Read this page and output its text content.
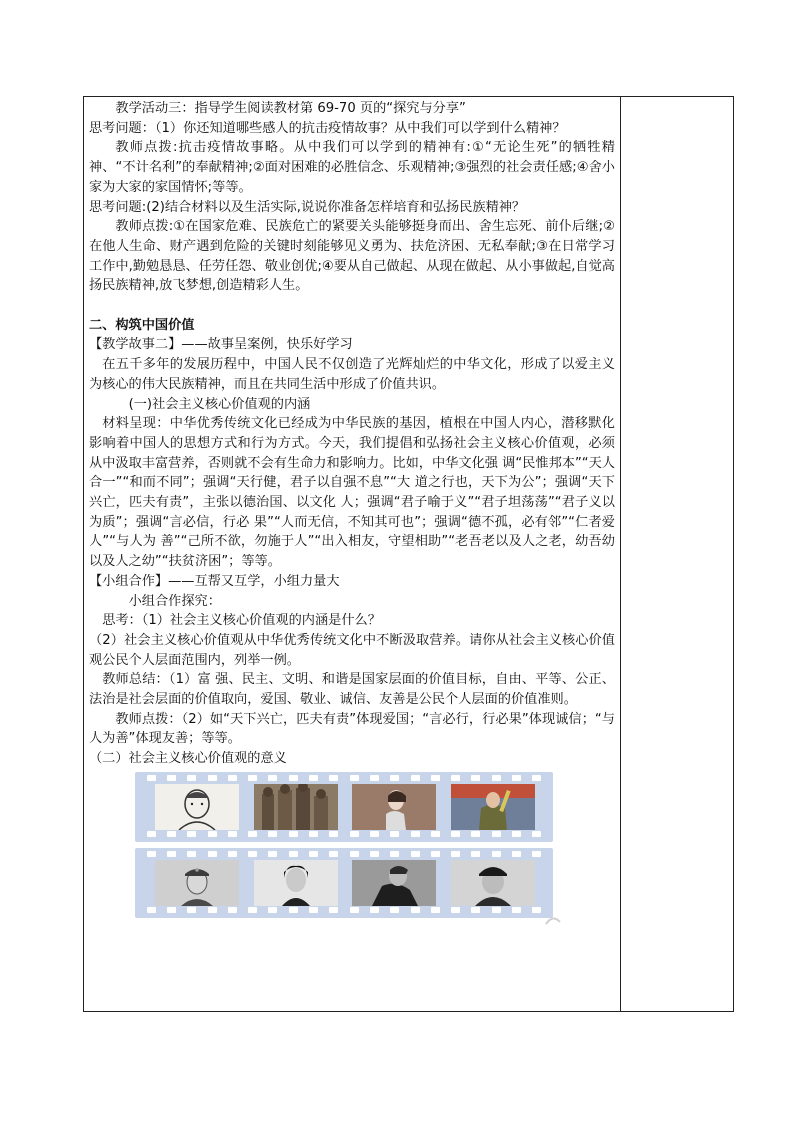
教学活动三：指导学生阅读教材第 69-70 页的“探究与分享”

思考问题：（1）你还知道哪些感人的抗击疫情故事？从中我们可以学到什么精神？

教师点拨:抗击疫情故事略。从中我们可以学到的精神有:①“无论生死”的牺牲精神、“不计名利”的奉献精神;②面对困难的必胜信念、乐观精神;③强烈的社会责任感;④舍小家为大家的家国情怀;等等。

思考问题:(2)结合材料以及生活实际,说说你准备怎样培育和弘扬民族精神？

教师点拨:①在国家危难、民族危亡的紧要关头能够挺身而出、舍生忘死、前仆后继;②在他人生命、财产遇到危险的关键时刻能够见义勇为、扶危济困、无私奉献;③在日常学习工作中,勤勉恳恳、任劳任怨、敬业创优;④要从自己做起、从现在做起、从小事做起,自觉高扬民族精神,放飞梦想,创造精彩人生。

二、构筑中国价值

【教学故事二】——故事呈案例，快乐好学习

在五千多年的发展历程中，中国人民不仅创造了光辉灿烂的中华文化，形成了以爱主义为核心的伟大民族精神，而且在共同生活中形成了价值共识。

(一)社会主义核心价值观的内涵

材料呈现：中华优秀传统文化已经成为中华民族的基因，植根在中国人内心，潜移默化 影响着中国人的思想方式和行为方式。今天，我们提倡和弘扬社会主义核心价值观，必须从中汲取丰富营养，否则就不会有生命力和影响力。比如，中华文化强 调“民惟邦本”“天人合一”“和而不同”；强调“天行健，君子以自强不息”“大 道之行也，天下为公”；强调“天下兴亡，匹夫有责”，主张以德治国、以文化 人；强调“君子喻于义”“君子坦荡荡”“君子义以为质”；强调“言必信，行必 果”“人而无信，不知其可也”；强调“德不孤，必有邻”“仁者爱人”“与人为 善”“己所不欲，勿施于人”“出入相友，守望相助”“老吾老以及人之老，幼吾幼以及人之幼”“扶贫济困”；等等。

【小组合作】——互帮又互学，小组力量大

小组合作探究：

思考：（1）社会主义核心价值观的内涵是什么？

（2）社会主义核心价值观从中华优秀传统文化中不断汲取营养。请你从社会主义核心价值观公民个人层面范围内，列举一例。

教师总结：（1）富 强、民主、文明、和谐是国家层面的价值目标，自由、平等、公正、法治是社会层面的价值取向，爱国、敬业、诚信、友善是公民个人层面的价值准则。

教师点拨：（2）如“天下兴亡，匹夫有责”体现爱国；“言必行，行必果”体现诚信；“与人为善”体现友善；等等。

（二）社会主义核心价值观的意义
